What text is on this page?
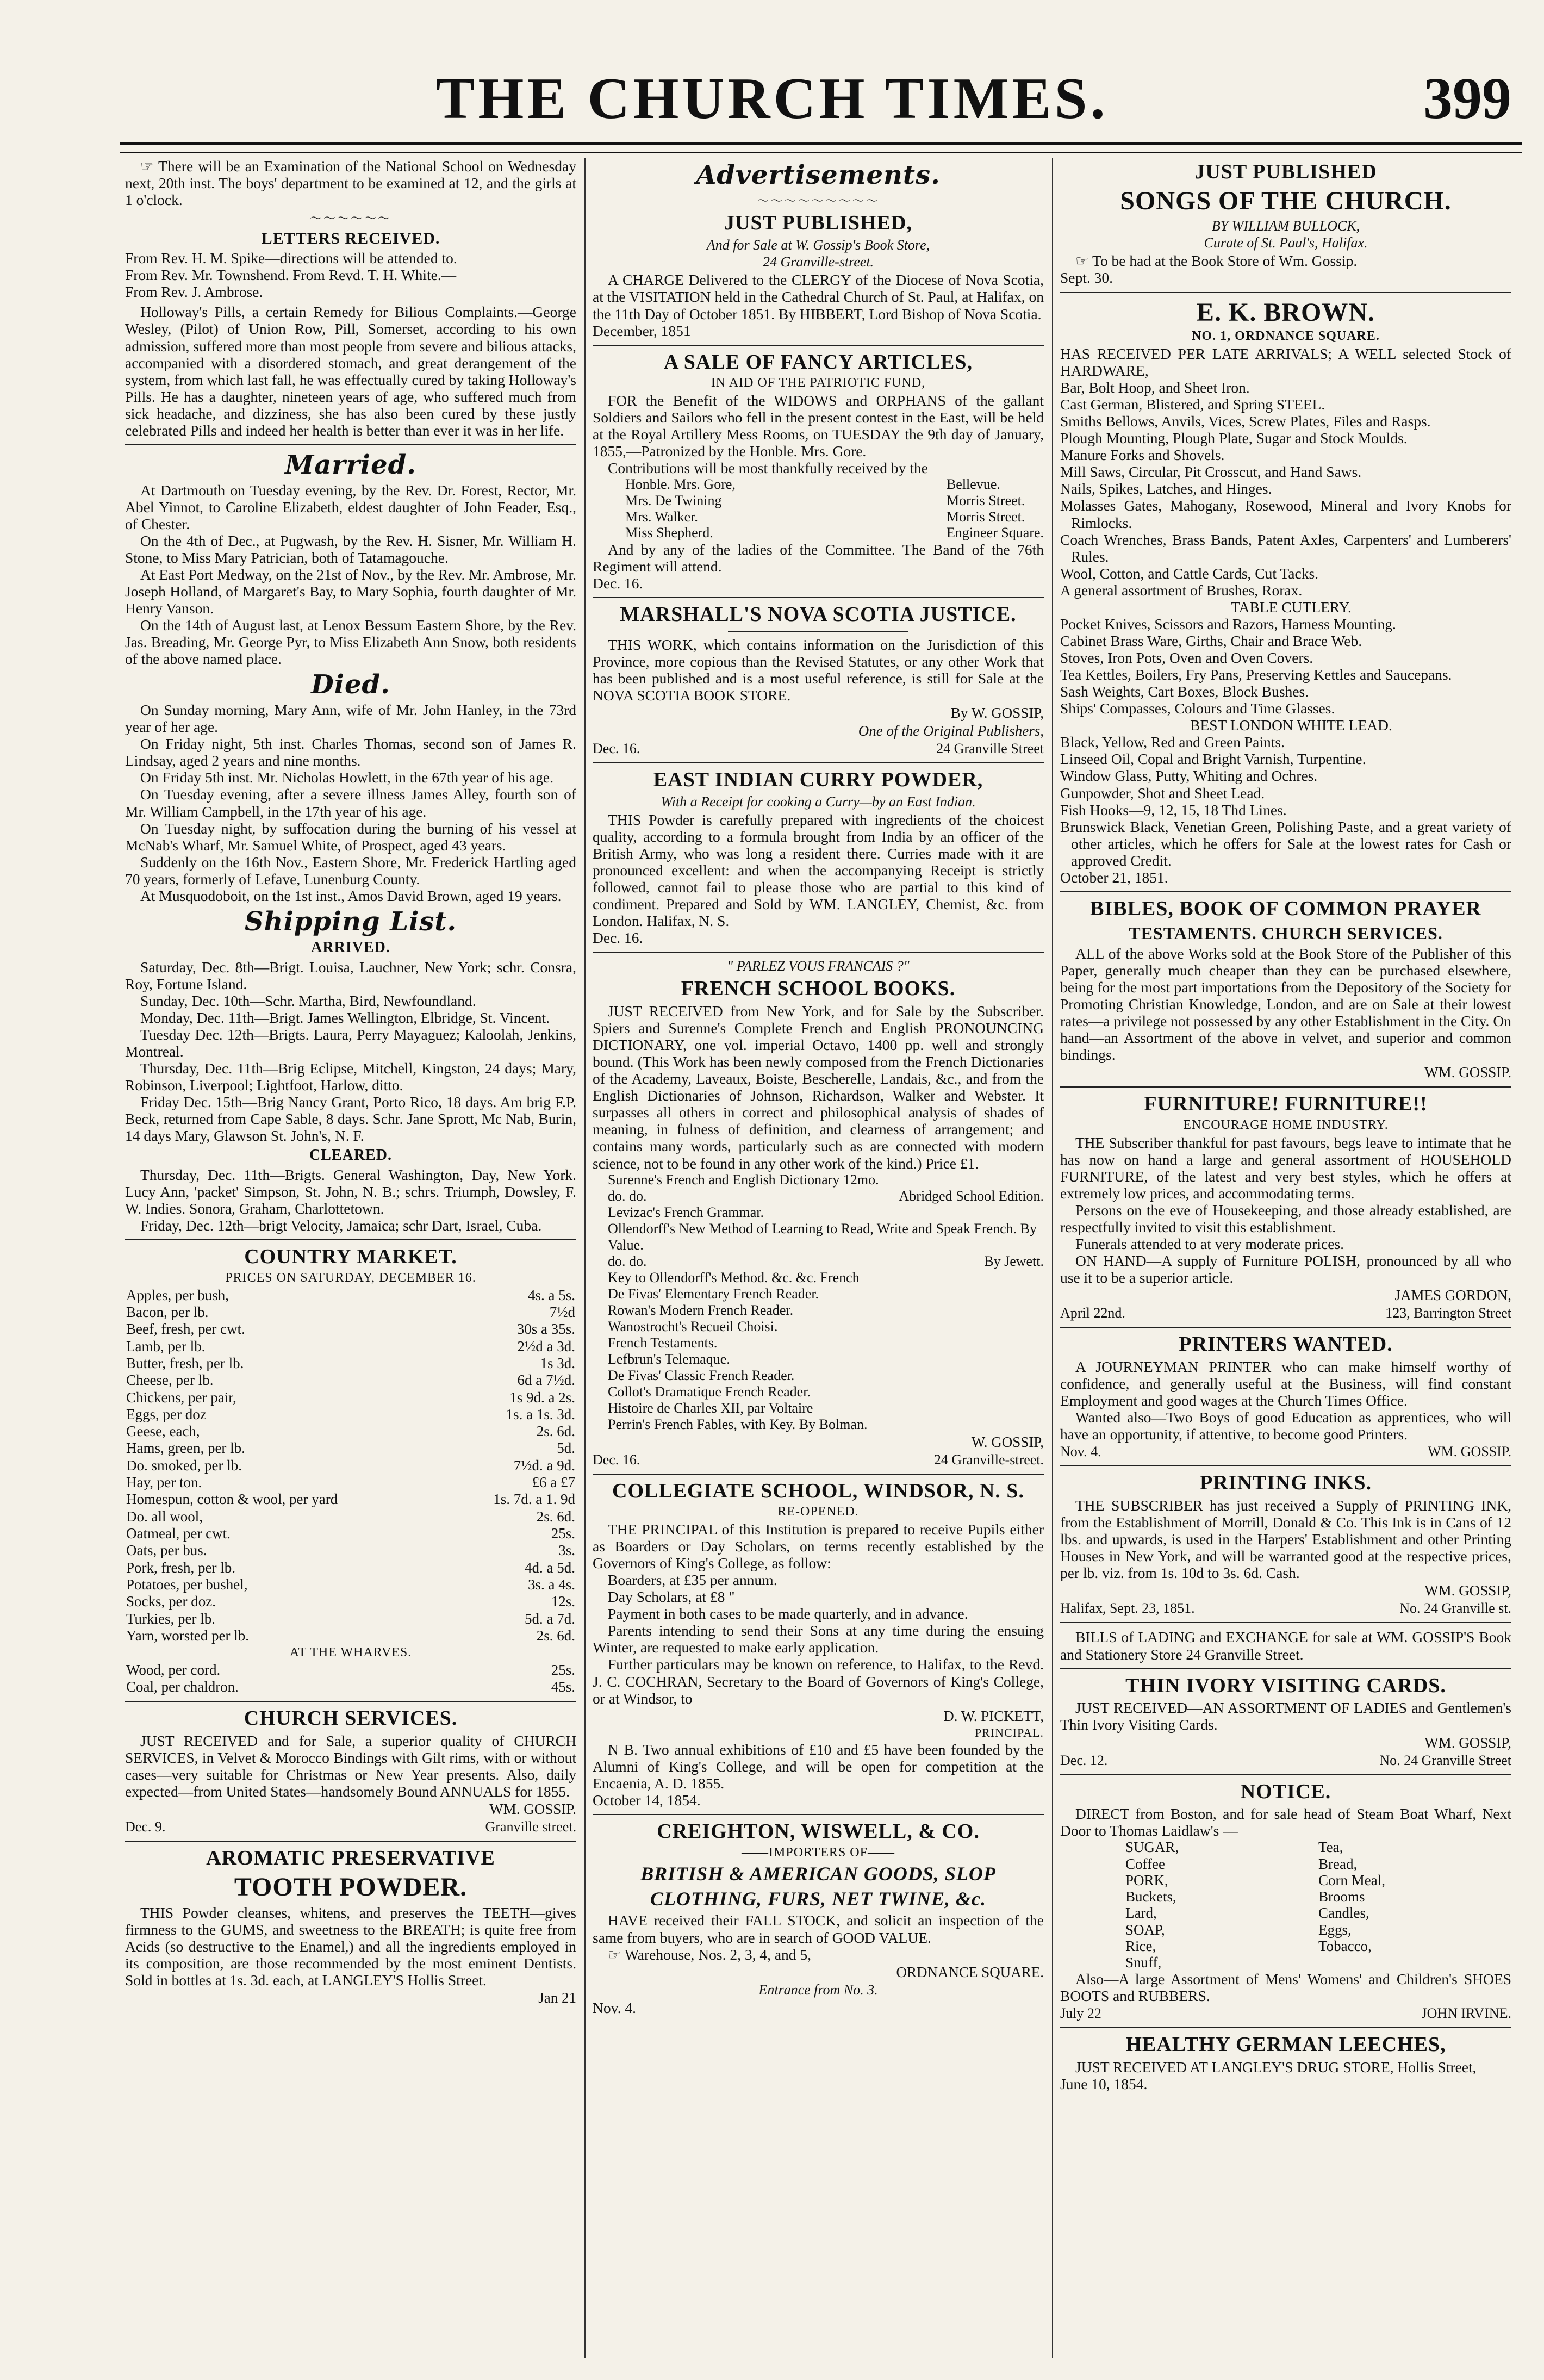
THE CHURCH TIMES.	399

☞ There will be an Examination of the National School on Wednesday next, 20th inst. The boys' department to be examined at 12, and the girls at 1 o'clock.

～～～～～～
LETTERS RECEIVED.

From Rev. H. M. Spike—directions will be attended to.

From Rev. Mr. Townshend. From Revd. T. H. White.—

From Rev. J. Ambrose.

Holloway's Pills, a certain Remedy for Bilious Complaints.—George Wesley, (Pilot) of Union Row, Pill, Somerset, according to his own admission, suffered more than most people from severe and bilious attacks, accompanied with a disordered stomach, and great derangement of the system, from which last fall, he was effectually cured by taking Holloway's Pills. He has a daughter, nineteen years of age, who suffered much from sick headache, and dizziness, she has also been cured by these justly celebrated Pills and indeed her health is better than ever it was in her life.

Married.

At Dartmouth on Tuesday evening, by the Rev. Dr. Forest, Rector, Mr. Abel Yinnot, to Caroline Elizabeth, eldest daughter of John Feader, Esq., of Chester.

On the 4th of Dec., at Pugwash, by the Rev. H. Sisner, Mr. William H. Stone, to Miss Mary Patrician, both of Tatamagouche.

At East Port Medway, on the 21st of Nov., by the Rev. Mr. Ambrose, Mr. Joseph Holland, of Margaret's Bay, to Mary Sophia, fourth daughter of Mr. Henry Vanson.

On the 14th of August last, at Lenox Bessum Eastern Shore, by the Rev. Jas. Breading, Mr. George Pyr, to Miss Elizabeth Ann Snow, both residents of the above named place.

Died.

On Sunday morning, Mary Ann, wife of Mr. John Hanley, in the 73rd year of her age.

On Friday night, 5th inst. Charles Thomas, second son of James R. Lindsay, aged 2 years and nine months.

On Friday 5th inst. Mr. Nicholas Howlett, in the 67th year of his age.

On Tuesday evening, after a severe illness James Alley, fourth son of Mr. William Campbell, in the 17th year of his age.

On Tuesday night, by suffocation during the burning of his vessel at McNab's Wharf, Mr. Samuel White, of Prospect, aged 43 years.

Suddenly on the 16th Nov., Eastern Shore, Mr. Frederick Hartling aged 70 years, formerly of Lefave, Lunenburg County.

At Musquodoboit, on the 1st inst., Amos David Brown, aged 19 years.

Shipping List.
ARRIVED.

Saturday, Dec. 8th—Brigt. Louisa, Lauchner, New York; schr. Consra, Roy, Fortune Island.

Sunday, Dec. 10th—Schr. Martha, Bird, Newfoundland.

Monday, Dec. 11th—Brigt. James Wellington, Elbridge, St. Vincent.

Tuesday Dec. 12th—Brigts. Laura, Perry Mayaguez; Kaloolah, Jenkins, Montreal.

Thursday, Dec. 11th—Brig Eclipse, Mitchell, Kingston, 24 days; Mary, Robinson, Liverpool; Lightfoot, Harlow, ditto.

Friday Dec. 15th—Brig Nancy Grant, Porto Rico, 18 days. Am brig F.P. Beck, returned from Cape Sable, 8 days. Schr. Jane Sprott, Mc Nab, Burin, 14 days Mary, Glawson St. John's, N. F.

CLEARED.

Thursday, Dec. 11th—Brigts. General Washington, Day, New York. Lucy Ann, 'packet' Simpson, St. John, N. B.; schrs. Triumph, Dowsley, F. W. Indies. Sonora, Graham, Charlottetown.

Friday, Dec. 12th—brigt Velocity, Jamaica; schr Dart, Israel, Cuba.

COUNTRY MARKET.
PRICES ON SATURDAY, DECEMBER 16.
Apples, per bush,	4s. a 5s.
Bacon, per lb.	7½d
Beef, fresh, per cwt.	30s a 35s.
Lamb, per lb.	2½d a 3d.
Butter, fresh, per lb.	1s 3d.
Cheese, per lb.	6d a 7½d.
Chickens, per pair,	1s 9d. a 2s.
Eggs, per doz	1s. a 1s. 3d.
Geese, each,	2s. 6d.
Hams, green, per lb.	5d.
Do. smoked, per lb.	7½d. a 9d.
Hay, per ton.	£6 a £7
Homespun, cotton & wool, per yard	1s. 7d. a 1. 9d
Do. all wool,	2s. 6d.
Oatmeal, per cwt.	25s.
Oats, per bus.	3s.
Pork, fresh, per lb.	4d. a 5d.
Potatoes, per bushel,	3s. a 4s.
Socks, per doz.	12s.
Turkies, per lb.	5d. a 7d.
Yarn, worsted per lb.	2s. 6d.
AT THE WHARVES.
Wood, per cord.	25s.
Coal, per chaldron.	45s.
CHURCH SERVICES.

JUST RECEIVED and for Sale, a superior quality of CHURCH SERVICES, in Velvet & Morocco Bindings with Gilt rims, with or without cases—very suitable for Christmas or New Year presents. Also, daily expected—from United States—handsomely Bound ANNUALS for 1855.

WM. GOSSIP.
Dec. 9.	Granville street.
AROMATIC PRESERVATIVE
TOOTH POWDER.

THIS Powder cleanses, whitens, and preserves the TEETH—gives firmness to the GUMS, and sweetness to the BREATH; is quite free from Acids (so destructive to the Enamel,) and all the ingredients employed in its composition, are those recommended by the most eminent Dentists. Sold in bottles at 1s. 3d. each, at LANGLEY'S Hollis Street.

Jan 21
Advertisements.
～～～～～～～～～
JUST PUBLISHED,
And for Sale at W. Gossip's Book Store,
24 Granville-street.

A CHARGE Delivered to the CLERGY of the Diocese of Nova Scotia, at the VISITATION held in the Cathedral Church of St. Paul, at Halifax, on the 11th Day of October 1851. By HIBBERT, Lord Bishop of Nova Scotia.

December, 1851

A SALE OF FANCY ARTICLES,
IN AID OF THE PATRIOTIC FUND,

FOR the Benefit of the WIDOWS and ORPHANS of the gallant Soldiers and Sailors who fell in the present contest in the East, will be held at the Royal Artillery Mess Rooms, on TUESDAY the 9th day of January, 1855,—Patronized by the Honble. Mrs. Gore.

Contributions will be most thankfully received by the

Honble. Mrs. Gore,	Bellevue.
Mrs. De Twining	Morris Street.
Mrs. Walker.	Morris Street.
Miss Shepherd.	Engineer Square.

And by any of the ladies of the Committee. The Band of the 76th Regiment will attend.

Dec. 16.

MARSHALL'S NOVA SCOTIA JUSTICE.

THIS WORK, which contains information on the Jurisdiction of this Province, more copious than the Revised Statutes, or any other Work that has been published and is a most useful reference, is still for Sale at the NOVA SCOTIA BOOK STORE.

By W. GOSSIP,
One of the Original Publishers,
Dec. 16.	24 Granville Street
EAST INDIAN CURRY POWDER,
With a Receipt for cooking a Curry—by an East Indian.

THIS Powder is carefully prepared with ingredients of the choicest quality, according to a formula brought from India by an officer of the British Army, who was long a resident there. Curries made with it are pronounced excellent: and when the accompanying Receipt is strictly followed, cannot fail to please those who are partial to this kind of condiment. Prepared and Sold by WM. LANGLEY, Chemist, &c. from London. Halifax, N. S.

Dec. 16.

" PARLEZ VOUS FRANCAIS ?"
FRENCH SCHOOL BOOKS.

JUST RECEIVED from New York, and for Sale by the Subscriber. Spiers and Surenne's Complete French and English PRONOUNCING DICTIONARY, one vol. imperial Octavo, 1400 pp. well and strongly bound. (This Work has been newly composed from the French Dictionaries of the Academy, Laveaux, Boiste, Bescherelle, Landais, &c., and from the English Dictionaries of Johnson, Richardson, Walker and Webster. It surpasses all others in correct and philosophical analysis of shades of meaning, in fulness of definition, and clearness of arrangement; and contains many words, particularly such as are connected with modern science, not to be found in any other work of the kind.) Price £1.

Surenne's French and English Dictionary 12mo.
do. do.	Abridged School Edition.
Levizac's French Grammar.
Ollendorff's New Method of Learning to Read, Write and Speak French. By Value.
do. do.	By Jewett.
Key to Ollendorff's Method. &c. &c. French
De Fivas' Elementary French Reader.
Rowan's Modern French Reader.
Wanostrocht's Recueil Choisi.
French Testaments.
Lefbrun's Telemaque.
De Fivas' Classic French Reader.
Collot's Dramatique French Reader.
Histoire de Charles XII, par Voltaire
Perrin's French Fables, with Key. By Bolman.
W. GOSSIP,
Dec. 16.	24 Granville-street.
COLLEGIATE SCHOOL, WINDSOR, N. S.
RE-OPENED.

THE PRINCIPAL of this Institution is prepared to receive Pupils either as Boarders or Day Scholars, on terms recently established by the Governors of King's College, as follow:

Boarders, at £35 per annum.

Day Scholars, at £8 "

Payment in both cases to be made quarterly, and in advance.

Parents intending to send their Sons at any time during the ensuing Winter, are requested to make early application.

Further particulars may be known on reference, to Halifax, to the Revd. J. C. COCHRAN, Secretary to the Board of Governors of King's College, or at Windsor, to

D. W. PICKETT,
PRINCIPAL.

N B. Two annual exhibitions of £10 and £5 have been founded by the Alumni of King's College, and will be open for competition at the Encaenia, A. D. 1855.

October 14, 1854.

CREIGHTON, WISWELL, & CO.
——IMPORTERS OF——
BRITISH & AMERICAN GOODS, SLOP
CLOTHING, FURS, NET TWINE, &c.

HAVE received their FALL STOCK, and solicit an inspection of the same from buyers, who are in search of GOOD VALUE.

☞ Warehouse, Nos. 2, 3, 4, and 5,

ORDNANCE SQUARE.
Entrance from No. 3.

Nov. 4.

JUST PUBLISHED
SONGS OF THE CHURCH.
BY WILLIAM BULLOCK,
Curate of St. Paul's, Halifax.

☞ To be had at the Book Store of Wm. Gossip.

Sept. 30.

E. K. BROWN.
NO. 1, ORDNANCE SQUARE.

HAS RECEIVED PER LATE ARRIVALS; A WELL selected Stock of HARDWARE,

Bar, Bolt Hoop, and Sheet Iron.

Cast German, Blistered, and Spring STEEL.

Smiths Bellows, Anvils, Vices, Screw Plates, Files and Rasps.

Plough Mounting, Plough Plate, Sugar and Stock Moulds.

Manure Forks and Shovels.

Mill Saws, Circular, Pit Crosscut, and Hand Saws.

Nails, Spikes, Latches, and Hinges.

Molasses Gates, Mahogany, Rosewood, Mineral and Ivory Knobs for Rimlocks.

Coach Wrenches, Brass Bands, Patent Axles, Carpenters' and Lumberers' Rules.

Wool, Cotton, and Cattle Cards, Cut Tacks.

A general assortment of Brushes, Rorax.

TABLE CUTLERY.

Pocket Knives, Scissors and Razors, Harness Mounting.

Cabinet Brass Ware, Girths, Chair and Brace Web.

Stoves, Iron Pots, Oven and Oven Covers.

Tea Kettles, Boilers, Fry Pans, Preserving Kettles and Saucepans.

Sash Weights, Cart Boxes, Block Bushes.

Ships' Compasses, Colours and Time Glasses.

BEST LONDON WHITE LEAD.

Black, Yellow, Red and Green Paints.

Linseed Oil, Copal and Bright Varnish, Turpentine.

Window Glass, Putty, Whiting and Ochres.

Gunpowder, Shot and Sheet Lead.

Fish Hooks—9, 12, 15, 18 Thd Lines.

Brunswick Black, Venetian Green, Polishing Paste, and a great variety of other articles, which he offers for Sale at the lowest rates for Cash or approved Credit.

October 21, 1851.

BIBLES, BOOK OF COMMON PRAYER
TESTAMENTS. CHURCH SERVICES.

ALL of the above Works sold at the Book Store of the Publisher of this Paper, generally much cheaper than they can be purchased elsewhere, being for the most part importations from the Depository of the Society for Promoting Christian Knowledge, London, and are on Sale at their lowest rates—a privilege not possessed by any other Establishment in the City. On hand—an Assortment of the above in velvet, and superior and common bindings.

WM. GOSSIP.
FURNITURE! FURNITURE!!
ENCOURAGE HOME INDUSTRY.

THE Subscriber thankful for past favours, begs leave to intimate that he has now on hand a large and general assortment of HOUSEHOLD FURNITURE, of the latest and very best styles, which he offers at extremely low prices, and accommodating terms.

Persons on the eve of Housekeeping, and those already established, are respectfully invited to visit this establishment.

Funerals attended to at very moderate prices.

ON HAND—A supply of Furniture POLISH, pronounced by all who use it to be a superior article.

JAMES GORDON,
April 22nd.	123, Barrington Street
PRINTERS WANTED.

A JOURNEYMAN PRINTER who can make himself worthy of confidence, and generally useful at the Business, will find constant Employment and good wages at the Church Times Office.

Wanted also—Two Boys of good Education as apprentices, who will have an opportunity, if attentive, to become good Printers.

Nov. 4.	WM. GOSSIP.
PRINTING INKS.

THE SUBSCRIBER has just received a Supply of PRINTING INK, from the Establishment of Morrill, Donald & Co. This Ink is in Cans of 12 lbs. and upwards, is used in the Harpers' Establishment and other Printing Houses in New York, and will be warranted good at the respective prices, per lb. viz. from 1s. 10d to 3s. 6d. Cash.

WM. GOSSIP,
Halifax, Sept. 23, 1851.	No. 24 Granville st.

BILLS of LADING and EXCHANGE for sale at WM. GOSSIP'S Book and Stationery Store 24 Granville Street.

THIN IVORY VISITING CARDS.

JUST RECEIVED—AN ASSORTMENT OF LADIES and Gentlemen's Thin Ivory Visiting Cards.

WM. GOSSIP,
Dec. 12.	No. 24 Granville Street
NOTICE.

DIRECT from Boston, and for sale head of Steam Boat Wharf, Next Door to Thomas Laidlaw's —

SUGAR,	Tea,
Coffee	Bread,
PORK,	Corn Meal,
Buckets,	Brooms
Lard,	Candles,
SOAP,	Eggs,
Rice,	Tobacco,
Snuff,

Also—A large Assortment of Mens' Womens' and Children's SHOES BOOTS and RUBBERS.

July 22	JOHN IRVINE.
HEALTHY GERMAN LEECHES,

JUST RECEIVED AT LANGLEY'S DRUG STORE, Hollis Street,

June 10, 1854.
